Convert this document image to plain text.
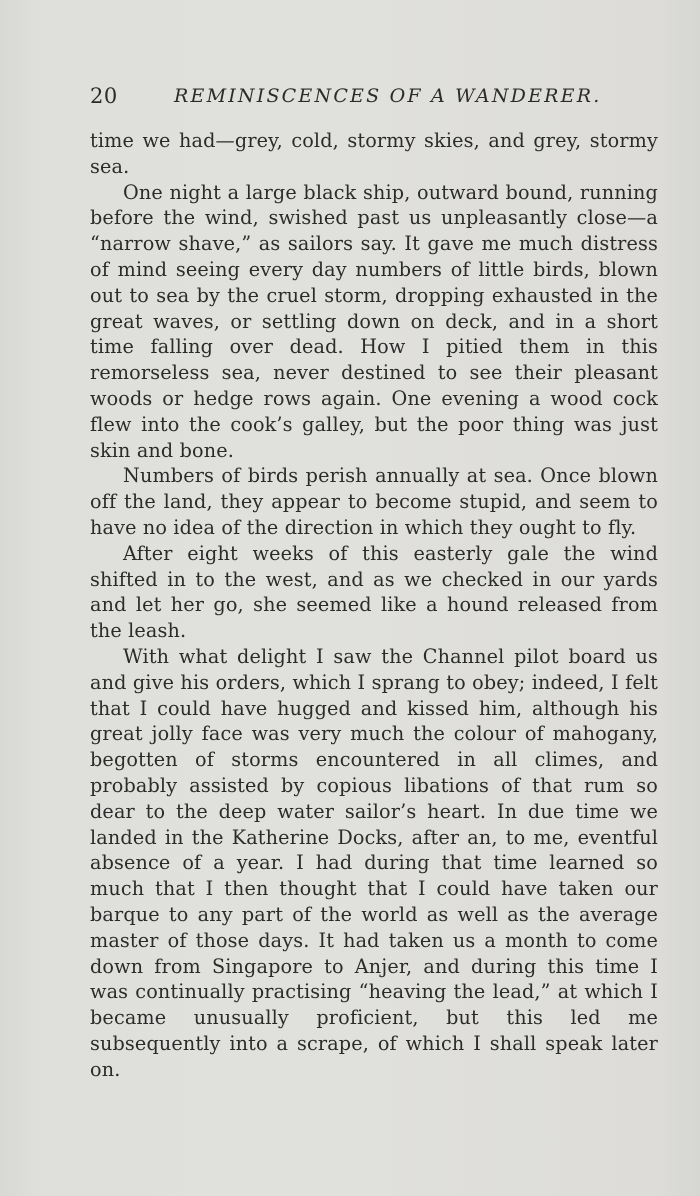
20	REMINISCENCES OF A WANDERER.

time we had—grey, cold, stormy skies, and grey, stormy sea.

One night a large black ship, outward bound, running before the wind, swished past us unpleasantly close—a “narrow shave,” as sailors say. It gave me much distress of mind seeing every day numbers of little birds, blown out to sea by the cruel storm, dropping exhausted in the great waves, or settling down on deck, and in a short time falling over dead. How I pitied them in this remorseless sea, never destined to see their pleasant woods or hedge rows again. One evening a wood cock flew into the cook’s galley, but the poor thing was just skin and bone.

Numbers of birds perish annually at sea. Once blown off the land, they appear to become stupid, and seem to have no idea of the direction in which they ought to fly.

After eight weeks of this easterly gale the wind shifted in to the west, and as we checked in our yards and let her go, she seemed like a hound released from the leash.

With what delight I saw the Channel pilot board us and give his orders, which I sprang to obey; indeed, I felt that I could have hugged and kissed him, although his great jolly face was very much the colour of mahogany, begotten of storms encountered in all climes, and probably assisted by copious libations of that rum so dear to the deep water sailor’s heart. In due time we landed in the Katherine Docks, after an, to me, eventful absence of a year. I had during that time learned so much that I then thought that I could have taken our barque to any part of the world as well as the average master of those days. It had taken us a month to come down from Singapore to Anjer, and during this time I was continually practising “heaving the lead,” at which I became unusually proficient, but this led me subsequently into a scrape, of which I shall speak later on.
